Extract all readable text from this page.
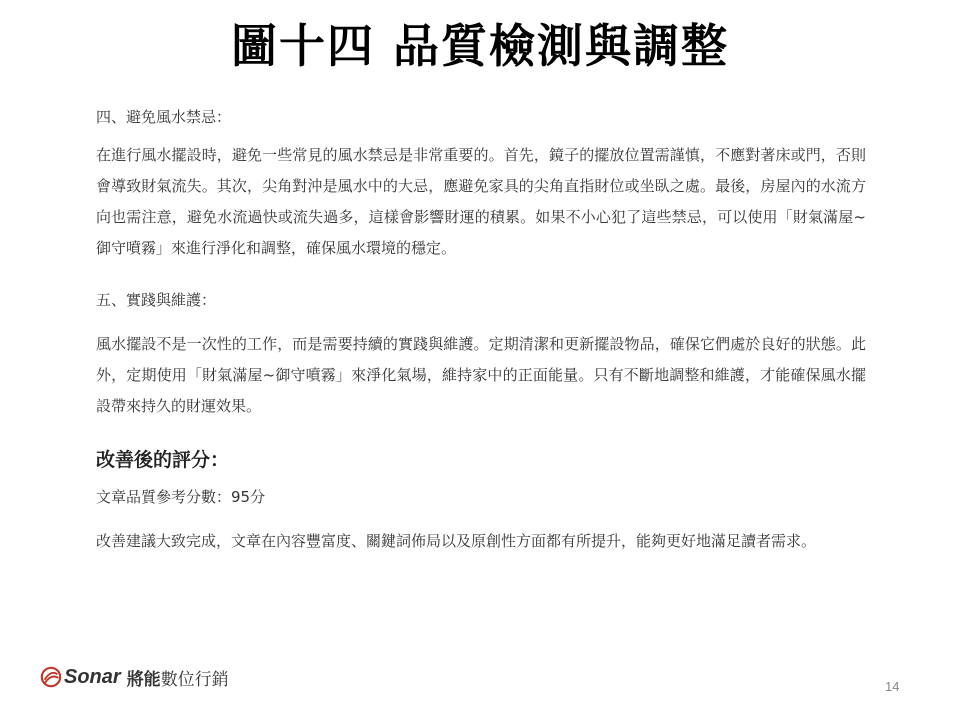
圖十四 品質檢測與調整

四、避免風水禁忌：

在進行風水擺設時，避免一些常見的風水禁忌是非常重要的。首先，鏡子的擺放位置需謹慎，不應對著床或門，否則會導致財氣流失。其次，尖角對沖是風水中的大忌，應避免家具的尖角直指財位或坐臥之處。最後，房屋內的水流方向也需注意，避免水流過快或流失過多，這樣會影響財運的積累。如果不小心犯了這些禁忌，可以使用「財氣滿屋~御守噴霧」來進行淨化和調整，確保風水環境的穩定。

五、實踐與維護：

風水擺設不是一次性的工作，而是需要持續的實踐與維護。定期清潔和更新擺設物品，確保它們處於良好的狀態。此外，定期使用「財氣滿屋~御守噴霧」來淨化氣場，維持家中的正面能量。只有不斷地調整和維護，才能確保風水擺設帶來持久的財運效果。

改善後的評分：

文章品質參考分數：95分

改善建議大致完成，文章在內容豐富度、關鍵詞佈局以及原創性方面都有所提升，能夠更好地滿足讀者需求。

Sonar 將能 數位行銷	14
